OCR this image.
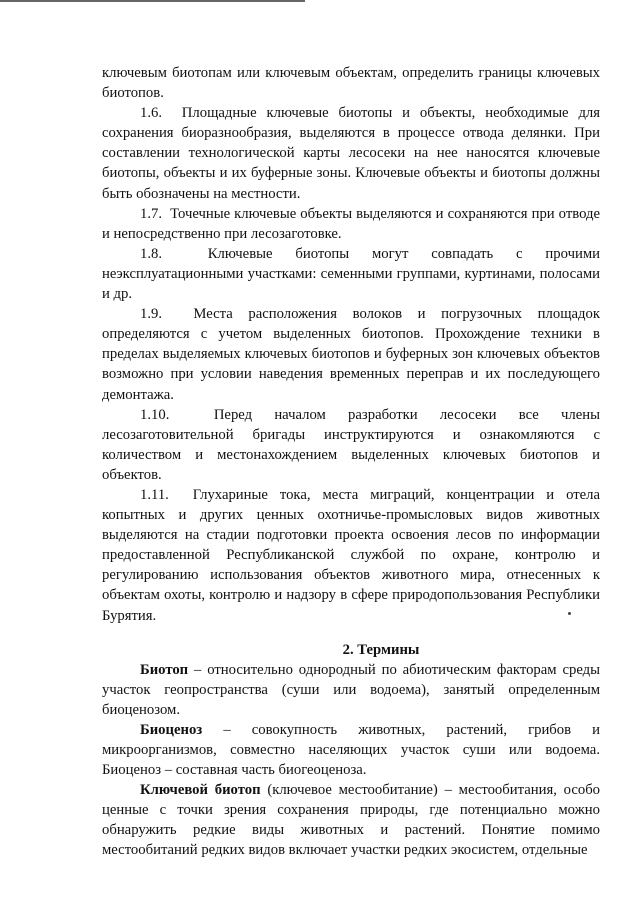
ключевым биотопам или ключевым объектам, определить границы ключевых биотопов.

1.6. Площадные ключевые биотопы и объекты, необходимые для сохранения биоразнообразия, выделяются в процессе отвода делянки. При составлении технологической карты лесосеки на нее наносятся ключевые биотопы, объекты и их буферные зоны. Ключевые объекты и биотопы должны быть обозначены на местности.

1.7. Точечные ключевые объекты выделяются и сохраняются при отводе и непосредственно при лесозаготовке.

1.8.	Ключевые биотопы могут совпадать с прочими неэксплуатационными участками: семенными группами, куртинами, полосами и др.

1.9. Места расположения волоков и погрузочных площадок определяются с учетом выделенных биотопов. Прохождение техники в пределах выделяемых ключевых биотопов и буферных зон ключевых объектов возможно при условии наведения временных переправ и их последующего демонтажа.

1.10.	Перед началом разработки лесосеки все члены лесозаготовительной бригады инструктируются и ознакомляются с количеством и местонахождением выделенных ключевых биотопов и объектов.

1.11. Глухариные тока, места миграций, концентрации и отела копытных и других ценных охотничье-промысловых видов животных выделяются на стадии подготовки проекта освоения лесов по информации предоставленной Республиканской службой по охране, контролю и регулированию использования объектов животного мира, отнесенных к объектам охоты, контролю и надзору в сфере природопользования Республики Бурятия.

2. Термины

Биотоп – относительно однородный по абиотическим факторам среды участок геопространства (суши или водоема), занятый определенным биоценозом.

Биоценоз – совокупность животных, растений, грибов и микроорганизмов, совместно населяющих участок суши или водоема. Биоценоз – составная часть биогеоценоза.

Ключевой биотоп (ключевое местообитание) – местообитания, особо ценные с точки зрения сохранения природы, где потенциально можно обнаружить редкие виды животных и растений. Понятие помимо местообитаний редких видов включает участки редких экосистем, отдельные
